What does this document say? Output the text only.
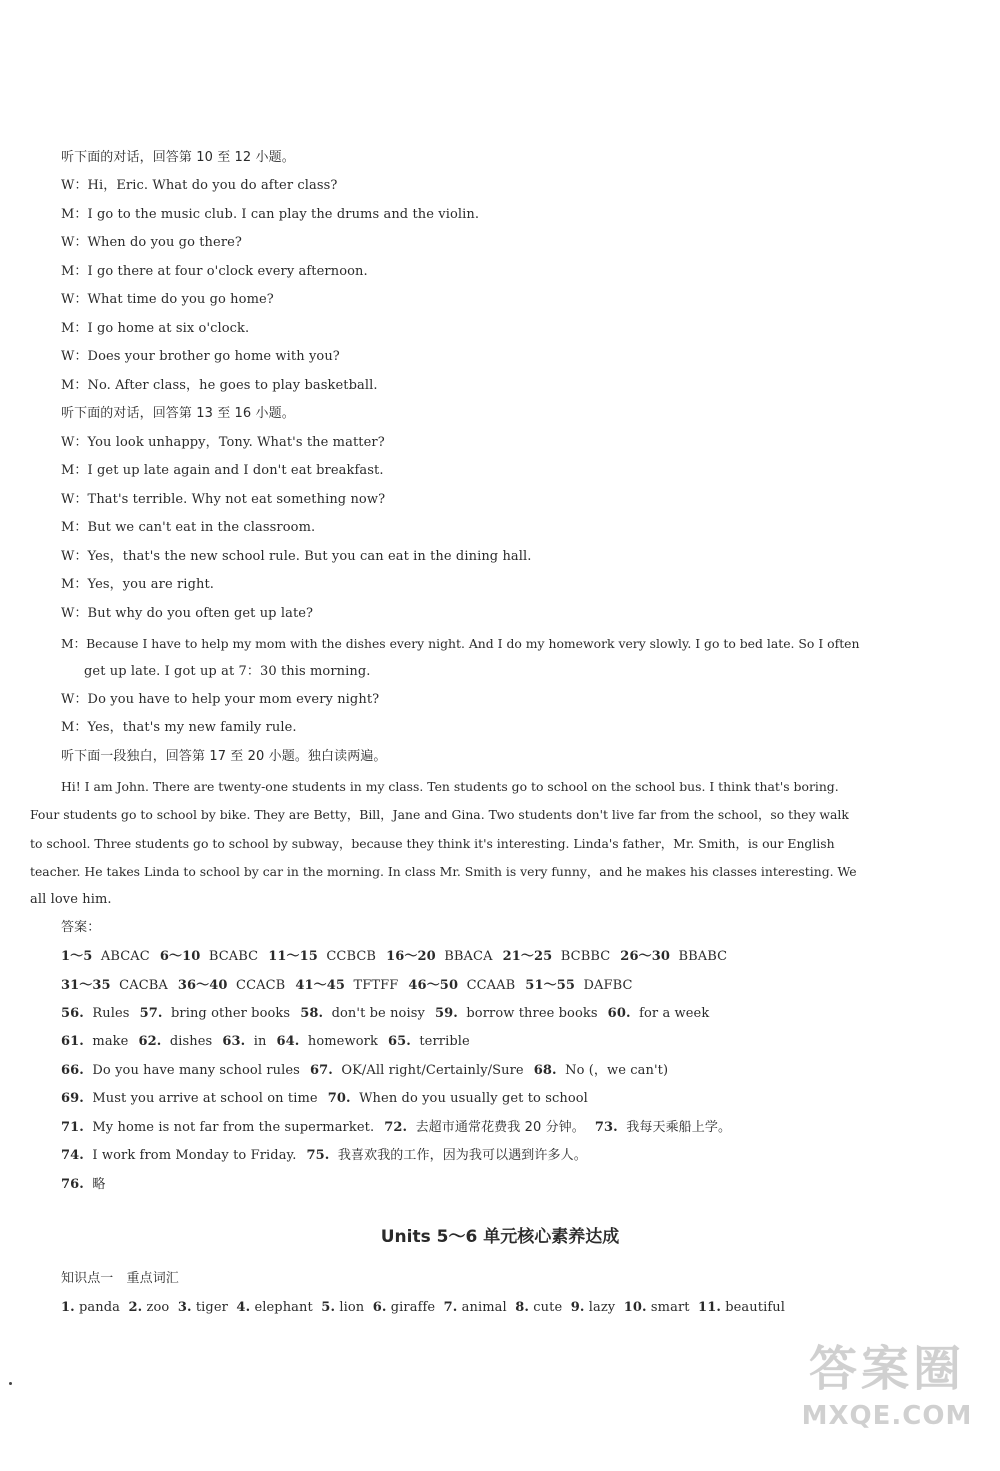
听下面的对话，回答第 10 至 12 小题。
W：Hi，Eric. What do you do after class?
M：I go to the music club. I can play the drums and the violin.
W：When do you go there?
M：I go there at four o'clock every afternoon.
W：What time do you go home?
M：I go home at six o'clock.
W：Does your brother go home with you?
M：No. After class，he goes to play basketball.
听下面的对话，回答第 13 至 16 小题。
W：You look unhappy，Tony. What's the matter?
M：I get up late again and I don't eat breakfast.
W：That's terrible. Why not eat something now?
M：But we can't eat in the classroom.
W：Yes，that's the new school rule. But you can eat in the dining hall.
M：Yes，you are right.
W：But why do you often get up late?
M：Because I have to help my mom with the dishes every night. And I do my homework very slowly. I go to bed late. So I often
get up late. I got up at 7：30 this morning.
W：Do you have to help your mom every night?
M：Yes，that's my new family rule.
听下面一段独白，回答第 17 至 20 小题。独白读两遍。
Hi! I am John. There are twenty-one students in my class. Ten students go to school on the school bus. I think that's boring.
Four students go to school by bike. They are Betty，Bill，Jane and Gina. Two students don't live far from the school，so they walk
to school. Three students go to school by subway，because they think it's interesting. Linda's father，Mr. Smith，is our English
teacher. He takes Linda to school by car in the morning. In class Mr. Smith is very funny，and he makes his classes interesting. We
all love him.
答案：
1～5 ABCAC 6～10 BCABC 11～15 CCBCB 16～20 BBACA 21～25 BCBBC 26～30 BBABC
31～35 CACBA 36～40 CCACB 41～45 TFTFF 46～50 CCAAB 51～55 DAFBC
56. Rules 57. bring other books 58. don't be noisy 59. borrow three books 60. for a week
61. make 62. dishes 63. in 64. homework 65. terrible
66. Do you have many school rules 67. OK/All right/Certainly/Sure 68. No (，we can't)
69. Must you arrive at school on time 70. When do you usually get to school
71. My home is not far from the supermarket. 72. 去超市通常花费我 20 分钟。 73. 我每天乘船上学。
74. I work from Monday to Friday. 75. 我喜欢我的工作，因为我可以遇到许多人。
76. 略
Units 5～6 单元核心素养达成
知识点一　重点词汇
1. panda 2. zoo 3. tiger 4. elephant 5. lion 6. giraffe 7. animal 8. cute 9. lazy 10. smart 11. beautiful
答案圈
MXQE.COM
